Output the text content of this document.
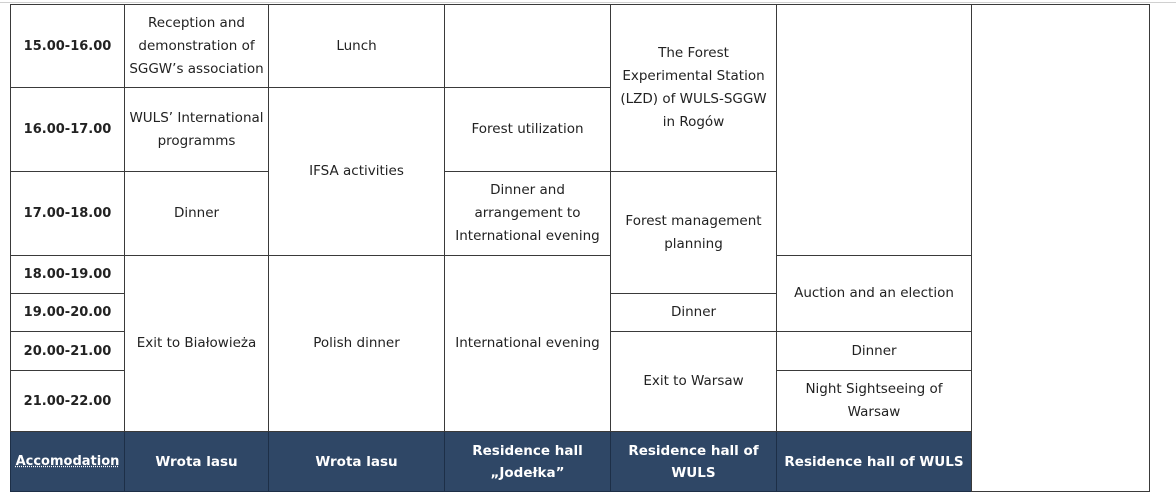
15.00-16.00	Reception and demonstration of SGGW’s association	Lunch		The Forest Experimental Station (LZD) of WULS-SGGW in Rogów		
16.00-17.00	WULS’ International programms	IFSA activities	Forest utilization			
17.00-18.00	Dinner		Dinner and arrangement to International evening	Forest management planning		
18.00-19.00	Exit to Białowieża	Polish dinner	International evening		Auction and an election	
19.00-20.00				Dinner		
20.00-21.00				Exit to Warsaw	Dinner	
21.00-22.00					Night Sightseeing of Warsaw	
Accomodation	Wrota lasu	Wrota lasu	Residence hall „Jodełka”	Residence hall of WULS	Residence hall of WULS	
